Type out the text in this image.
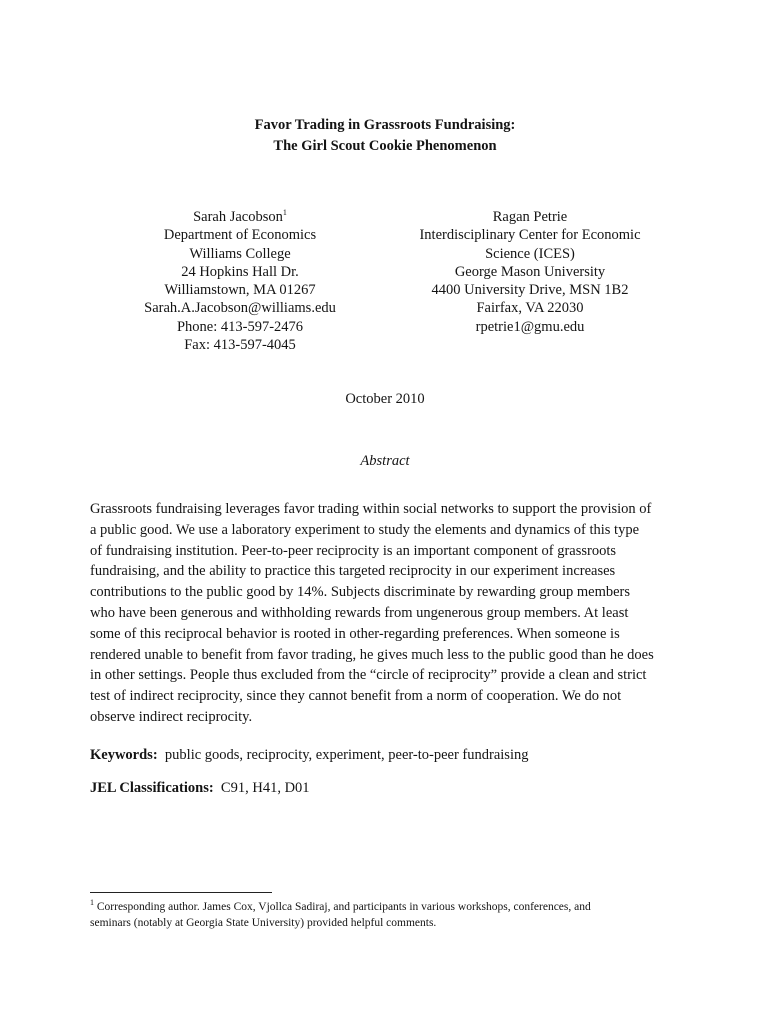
Favor Trading in Grassroots Fundraising:
The Girl Scout Cookie Phenomenon
Sarah Jacobson$^1$
Department of Economics
Williams College
24 Hopkins Hall Dr.
Williamstown, MA 01267
Sarah.A.Jacobson@williams.edu
Phone: 413-597-2476
Fax: 413-597-4045
Ragan Petrie
Interdisciplinary Center for Economic
Science (ICES)
George Mason University
4400 University Drive, MSN 1B2
Fairfax, VA 22030
rpetrie1@gmu.edu
October 2010
Abstract
Grassroots fundraising leverages favor trading within social networks to support the provision of
a public good. We use a laboratory experiment to study the elements and dynamics of this type
of fundraising institution. Peer-to-peer reciprocity is an important component of grassroots
fundraising, and the ability to practice this targeted reciprocity in our experiment increases
contributions to the public good by 14%. Subjects discriminate by rewarding group members
who have been generous and withholding rewards from ungenerous group members. At least
some of this reciprocal behavior is rooted in other-regarding preferences. When someone is
rendered unable to benefit from favor trading, he gives much less to the public good than he does
in other settings. People thus excluded from the “circle of reciprocity” provide a clean and strict
test of indirect reciprocity, since they cannot benefit from a norm of cooperation. We do not
observe indirect reciprocity.
Keywords: public goods, reciprocity, experiment, peer-to-peer fundraising
JEL Classifications: C91, H41, D01
$^1$ Corresponding author. James Cox, Vjollca Sadiraj, and participants in various workshops, conferences, and
seminars (notably at Georgia State University) provided helpful comments.
